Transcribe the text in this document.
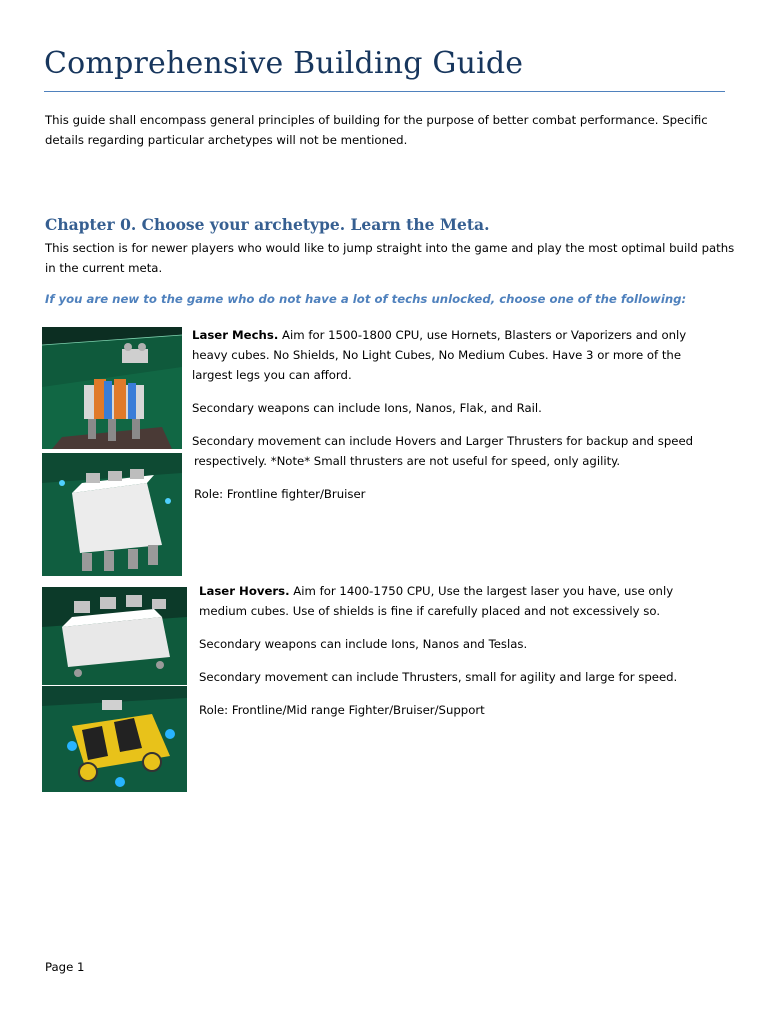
Comprehensive Building Guide

This guide shall encompass general principles of building for the purpose of better combat performance. Specific details regarding particular archetypes will not be mentioned.

Chapter 0. Choose your archetype. Learn the Meta.

This section is for newer players who would like to jump straight into the game and play the most optimal build paths in the current meta.

If you are new to the game who do not have a lot of techs unlocked, choose one of the following:

Laser Mechs. Aim for 1500-1800 CPU, use Hornets, Blasters or Vaporizers and only heavy cubes. No Shields, No Light Cubes, No Medium Cubes. Have 3 or more of the largest legs you can afford.

Secondary weapons can include Ions, Nanos, Flak, and Rail.

Secondary movement can include Hovers and Larger Thrusters for backup and speed

respectively. *Note* Small thrusters are not useful for speed, only agility.

Role: Frontline fighter/Bruiser

Laser Hovers. Aim for 1400-1750 CPU, Use the largest laser you have, use only medium cubes. Use of shields is fine if carefully placed and not excessively so.

Secondary weapons can include Ions, Nanos and Teslas.

Secondary movement can include Thrusters, small for agility and large for speed.

Role: Frontline/Mid range Fighter/Bruiser/Support

Page 1
